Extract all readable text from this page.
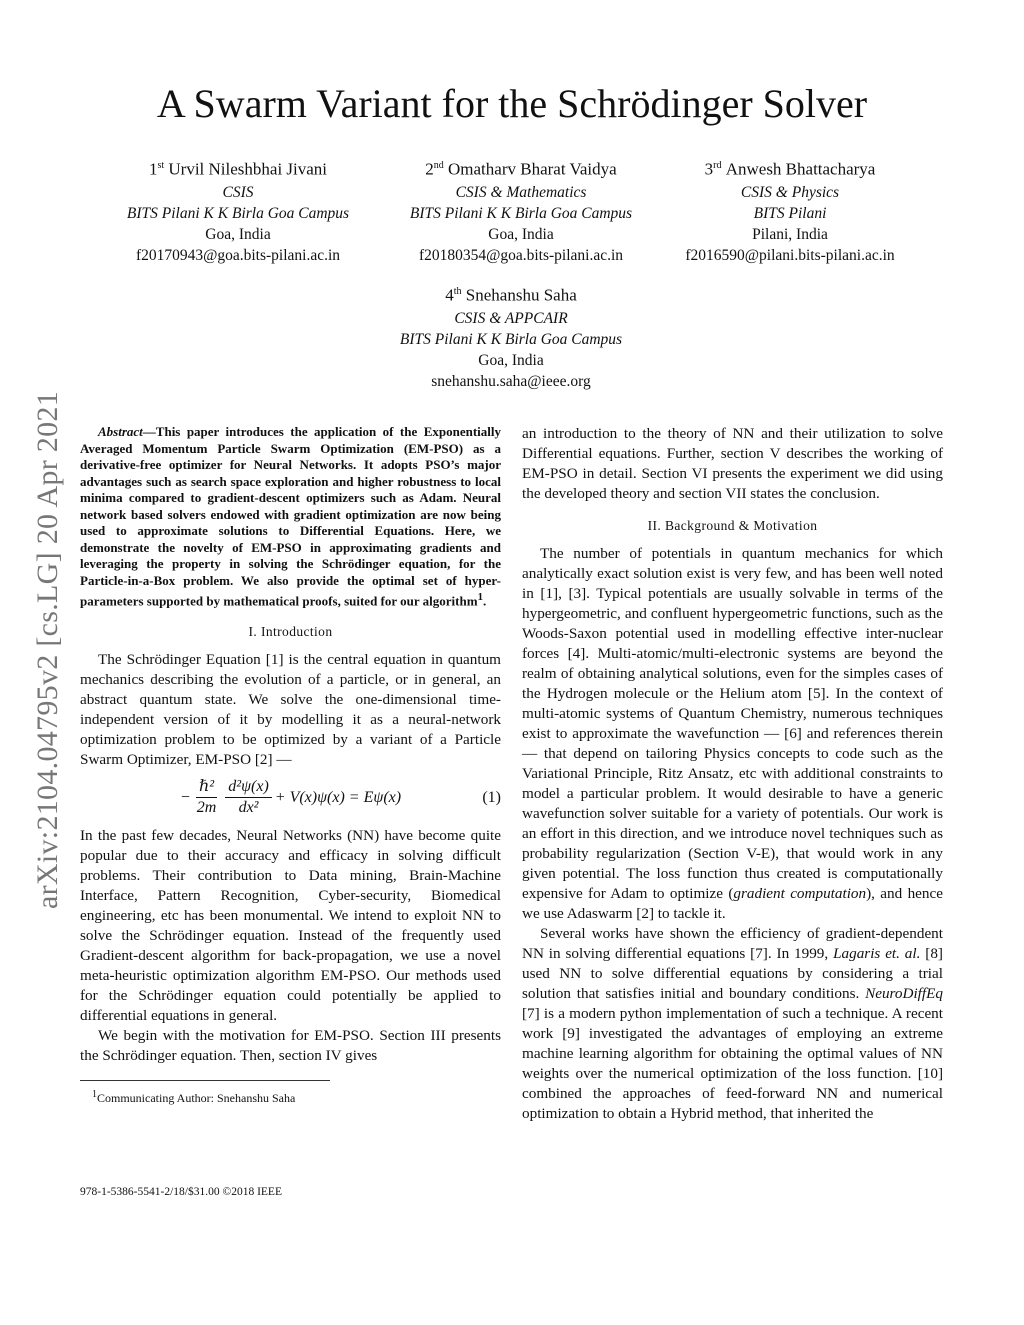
arXiv:2104.04795v2 [cs.LG] 20 Apr 2021
A Swarm Variant for the Schrödinger Solver
1st Urvil Nileshbhai Jivani
CSIS
BITS Pilani K K Birla Goa Campus
Goa, India
f20170943@goa.bits-pilani.ac.in
2nd Omatharv Bharat Vaidya
CSIS & Mathematics
BITS Pilani K K Birla Goa Campus
Goa, India
f20180354@goa.bits-pilani.ac.in
3rd Anwesh Bhattacharya
CSIS & Physics
BITS Pilani
Pilani, India
f2016590@pilani.bits-pilani.ac.in
4th Snehanshu Saha
CSIS & APPCAIR
BITS Pilani K K Birla Goa Campus
Goa, India
snehanshu.saha@ieee.org

Abstract—This paper introduces the application of the Exponentially Averaged Momentum Particle Swarm Optimization (EM-PSO) as a derivative-free optimizer for Neural Networks. It adopts PSO’s major advantages such as search space exploration and higher robustness to local minima compared to gradient-descent optimizers such as Adam. Neural network based solvers endowed with gradient optimization are now being used to approximate solutions to Differential Equations. Here, we demonstrate the novelty of EM-PSO in approximating gradients and leveraging the property in solving the Schrödinger equation, for the Particle-in-a-Box problem. We also provide the optimal set of hyper-parameters supported by mathematical proofs, suited for our algorithm$^1$.

I. Introduction

The Schrödinger Equation [1] is the central equation in quantum mechanics describing the evolution of a particle, or in general, an abstract quantum state. We solve the one-dimensional time-independent version of it by modelling it as a neural-network optimization problem to be optimized by a variant of a Particle Swarm Optimizer, EM-PSO [2] —

− $\frac{\text{ℏ²}}{2m} \frac{\text{d²ψ(x)}}{\text{dx²}} + V(x)\psi(x) = E\psi(x)$	(1)

In the past few decades, Neural Networks (NN) have become quite popular due to their accuracy and efficacy in solving difficult problems. Their contribution to Data mining, Brain-Machine Interface, Pattern Recognition, Cyber-security, Biomedical engineering, etc has been monumental. We intend to exploit NN to solve the Schrödinger equation. Instead of the frequently used Gradient-descent algorithm for back-propagation, we use a novel meta-heuristic optimization algorithm EM-PSO. Our methods used for the Schrödinger equation could potentially be applied to differential equations in general.

We begin with the motivation for EM-PSO. Section III presents the Schrödinger equation. Then, section IV gives

$^1$Communicating Author: Snehanshu Saha
978-1-5386-5541-2/18/$31.00 ©2018 IEEE

an introduction to the theory of NN and their utilization to solve Differential equations. Further, section V describes the working of EM-PSO in detail. Section VI presents the experiment we did using the developed theory and section VII states the conclusion.

II. Background & Motivation

The number of potentials in quantum mechanics for which analytically exact solution exist is very few, and has been well noted in [1], [3]. Typical potentials are usually solvable in terms of the hypergeometric, and confluent hypergeometric functions, such as the Woods-Saxon potential used in modelling effective inter-nuclear forces [4]. Multi-atomic/multi-electronic systems are beyond the realm of obtaining analytical solutions, even for the simples cases of the Hydrogen molecule or the Helium atom [5]. In the context of multi-atomic systems of Quantum Chemistry, numerous techniques exist to approximate the wavefunction — [6] and references therein — that depend on tailoring Physics concepts to code such as the Variational Principle, Ritz Ansatz, etc with additional constraints to model a particular problem. It would desirable to have a generic wavefunction solver suitable for a variety of potentials. Our work is an effort in this direction, and we introduce novel techniques such as probability regularization (Section V-E), that would work in any given potential. The loss function thus created is computationally expensive for Adam to optimize (gradient computation), and hence we use Adaswarm [2] to tackle it.

Several works have shown the efficiency of gradient-dependent NN in solving differential equations [7]. In 1999, Lagaris et. al. [8] used NN to solve differential equations by considering a trial solution that satisfies initial and boundary conditions. NeuroDiffEq [7] is a modern python implementation of such a technique. A recent work [9] investigated the advantages of employing an extreme machine learning algorithm for obtaining the optimal values of NN weights over the numerical optimization of the loss function. [10] combined the approaches of feed-forward NN and numerical optimization to obtain a Hybrid method, that inherited the
